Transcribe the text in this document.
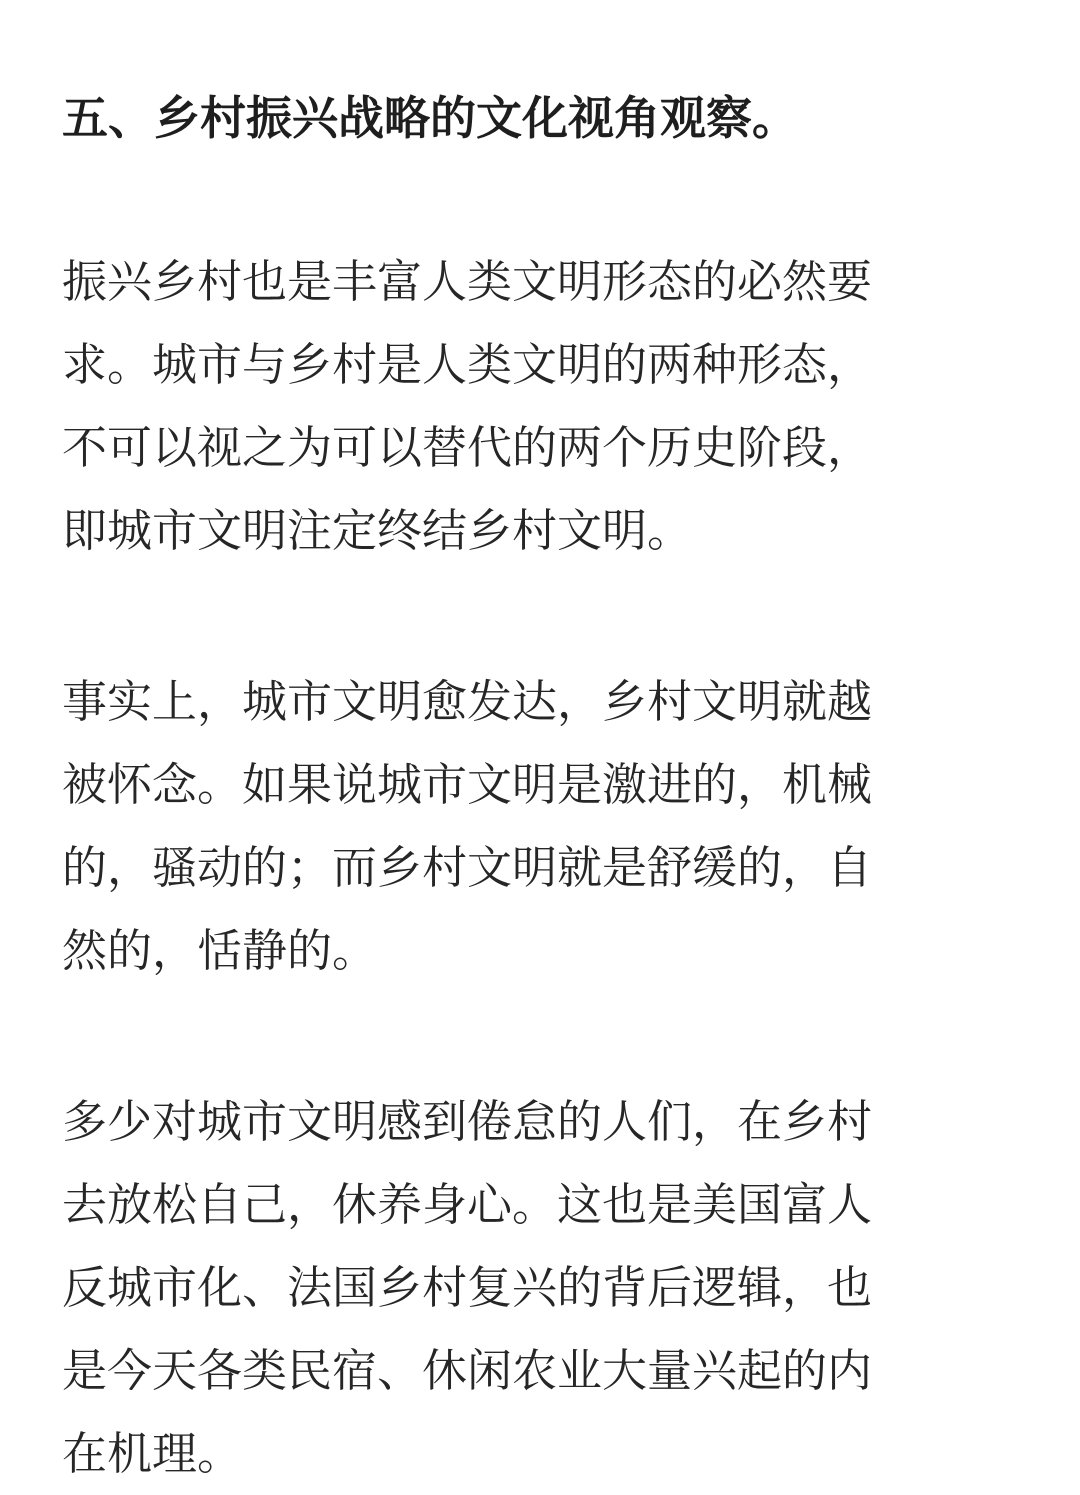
五、乡村振兴战略的文化视角观察。

振兴乡村也是丰富人类文明形态的必然要
求。城市与乡村是人类文明的两种形态，
不可以视之为可以替代的两个历史阶段，
即城市文明注定终结乡村文明。

事实上，城市文明愈发达，乡村文明就越
被怀念。如果说城市文明是激进的，机械
的，骚动的；而乡村文明就是舒缓的，自
然的，恬静的。

多少对城市文明感到倦怠的人们，在乡村
去放松自己，休养身心。这也是美国富人
反城市化、法国乡村复兴的背后逻辑，也
是今天各类民宿、休闲农业大量兴起的内
在机理。
